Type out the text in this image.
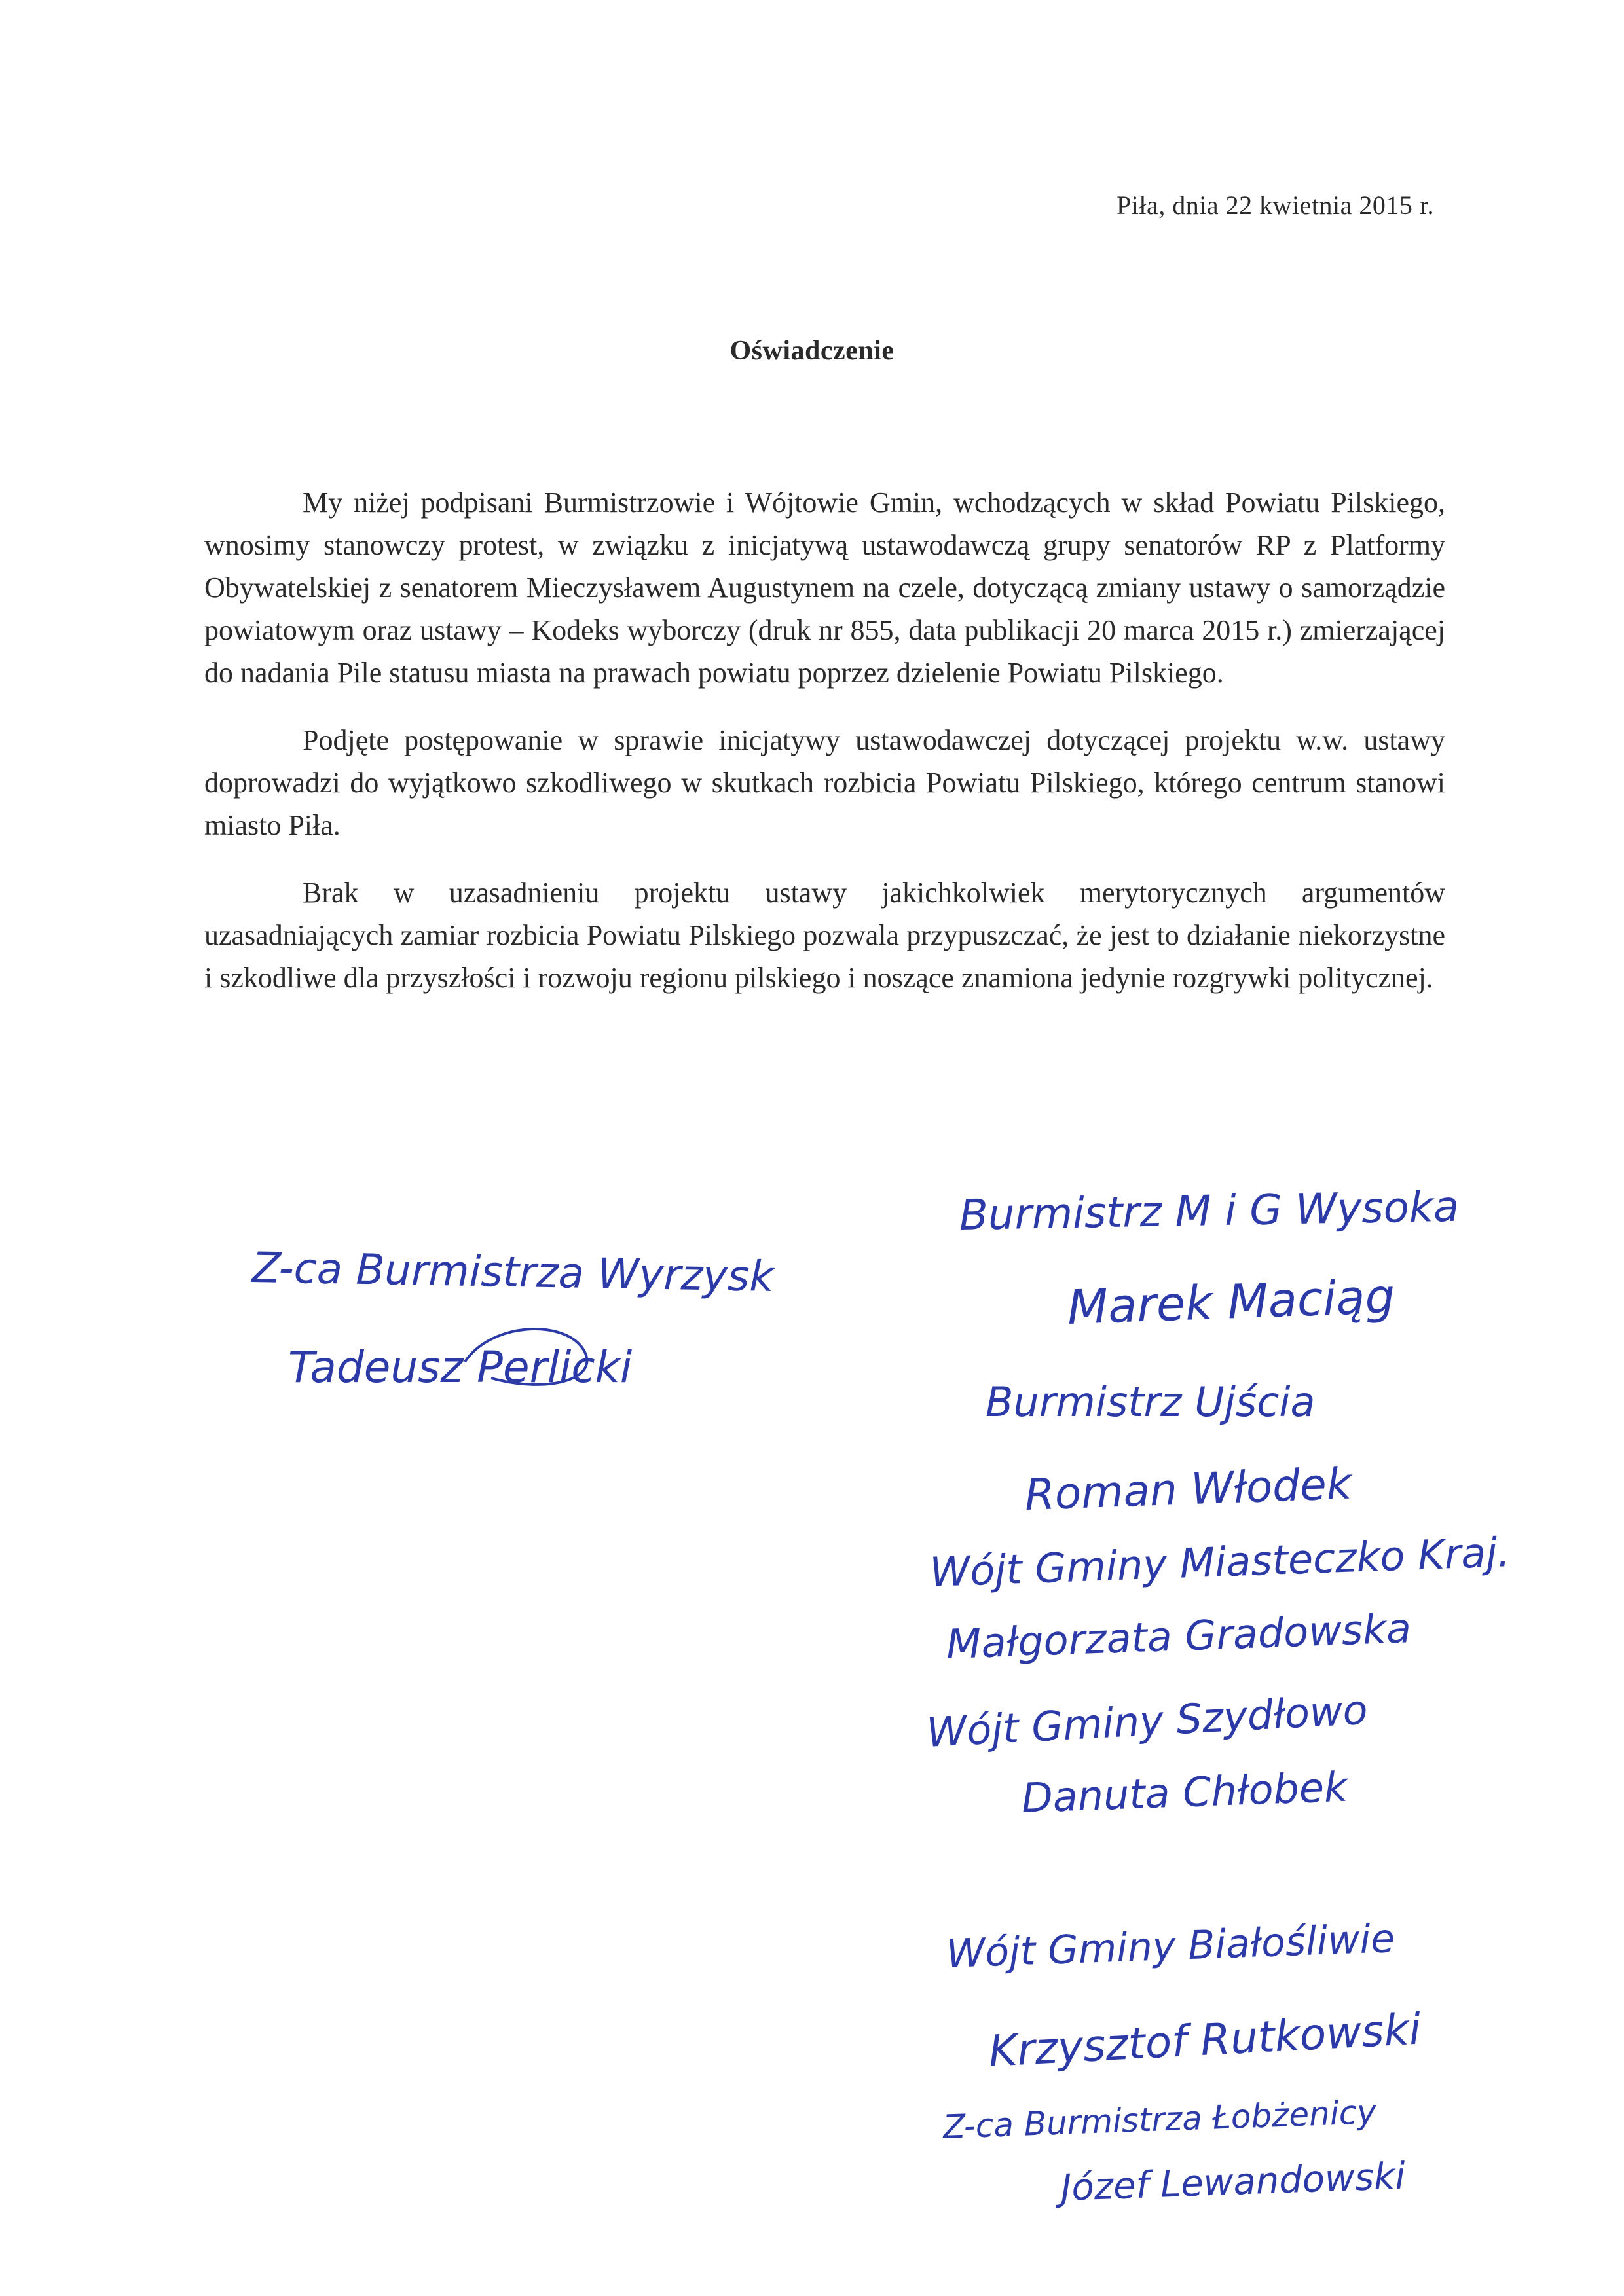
Piła, dnia 22 kwietnia 2015 r.
Oświadczenie

My niżej podpisani Burmistrzowie i Wójtowie Gmin, wchodzących w skład Powiatu Pilskiego, wnosimy stanowczy protest, w związku z inicjatywą ustawodawczą grupy senatorów RP z Platformy Obywatelskiej z senatorem Mieczysławem Augustynem na czele, dotyczącą zmiany ustawy o samorządzie powiatowym oraz ustawy – Kodeks wyborczy (druk nr 855, data publikacji 20 marca 2015 r.) zmierzającej do nadania Pile statusu miasta na prawach powiatu poprzez dzielenie Powiatu Pilskiego.

Podjęte postępowanie w sprawie inicjatywy ustawodawczej dotyczącej projektu w.w. ustawy doprowadzi do wyjątkowo szkodliwego w skutkach rozbicia Powiatu Pilskiego, którego centrum stanowi miasto Piła.

Brak w uzasadnieniu projektu ustawy jakichkolwiek merytorycznych argumentów uzasadniających zamiar rozbicia Powiatu Pilskiego pozwala przypuszczać, że jest to działanie niekorzystne i szkodliwe dla przyszłości i rozwoju regionu pilskiego i noszące znamiona jedynie rozgrywki politycznej.

Z-ca Burmistrza Wyrzysk
Tadeusz Perlicki
Burmistrz M i G Wysoka
Marek Maciąg
Burmistrz Ujścia
Roman Włodek
Wójt Gminy Miasteczko Kraj.
Małgorzata Gradowska
Wójt Gminy Szydłowo
Danuta Chłobek
Wójt Gminy Białośliwie
Krzysztof Rutkowski
Z-ca Burmistrza Łobżenicy
Józef Lewandowski
